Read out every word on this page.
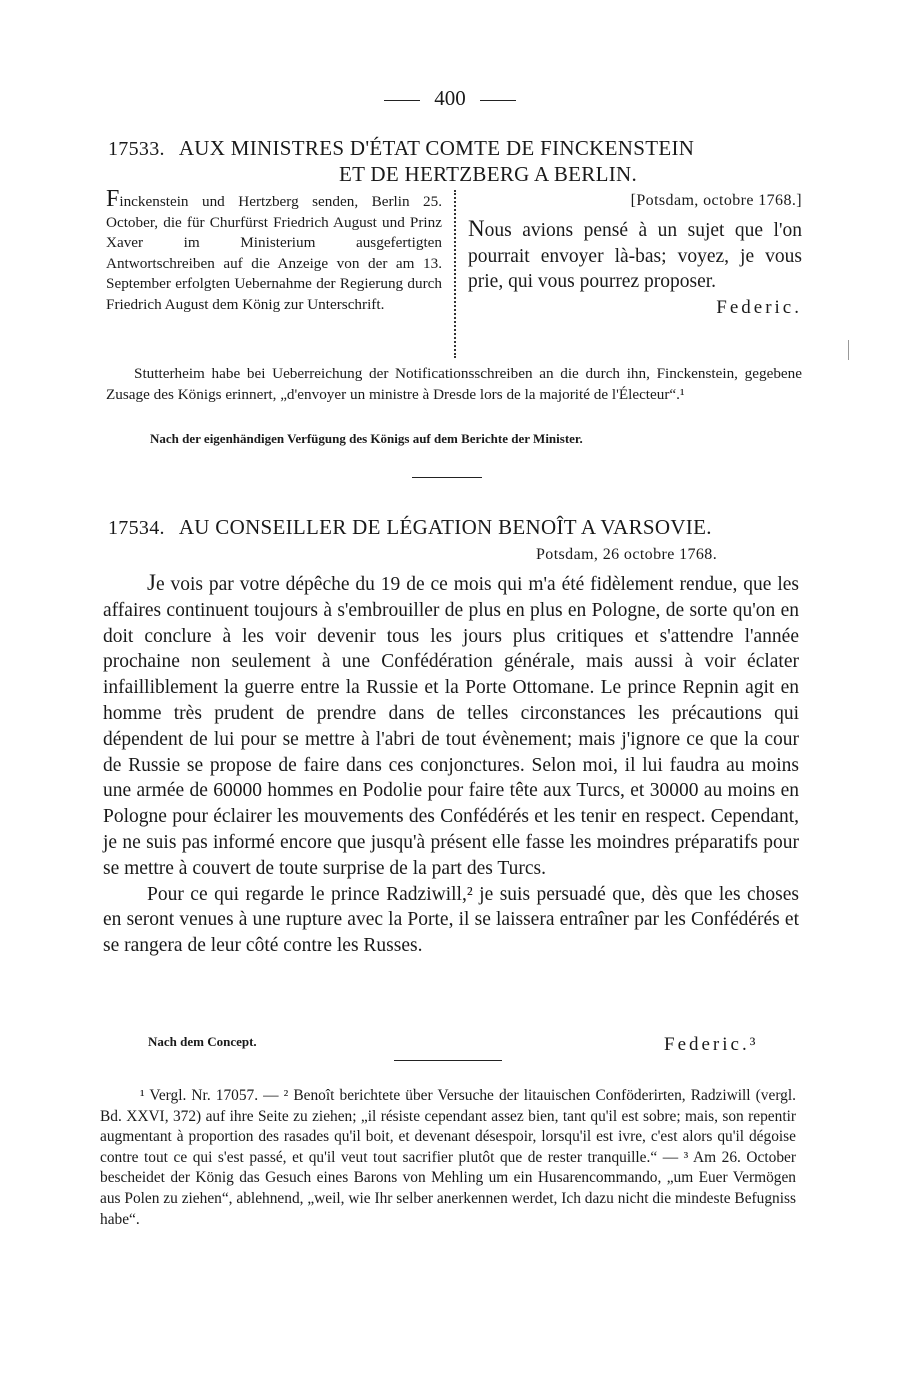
400
17533. AUX MINISTRES D'ÉTAT COMTE DE FINCKENSTEIN
ET DE HERTZBERG A BERLIN.
Finckenstein und Hertzberg senden, Berlin 25. October, die für Churfürst Friedrich August und Prinz Xaver im Ministerium ausgefertigten Antwortschreiben auf die Anzeige von der am 13. September erfolgten Uebernahme der Regierung durch Friedrich August dem König zur Unterschrift.
[Potsdam, octobre 1768.]
Nous avions pensé à un sujet que l'on pourrait envoyer là-bas; voyez, je vous prie, qui vous pourrez proposer.
Federic.
Stutterheim habe bei Ueberreichung der Notificationsschreiben an die durch ihn, Finckenstein, gegebene Zusage des Königs erinnert, „d'envoyer un ministre à Dresde lors de la majorité de l'Électeur“.¹
Nach der eigenhändigen Verfügung des Königs auf dem Berichte der Minister.
17534. AU CONSEILLER DE LÉGATION BENOÎT A VARSOVIE.
Potsdam, 26 octobre 1768.

Je vois par votre dépêche du 19 de ce mois qui m'a été fidèlement rendue, que les affaires continuent toujours à s'embrouiller de plus en plus en Pologne, de sorte qu'on en doit conclure à les voir devenir tous les jours plus critiques et s'attendre l'année prochaine non seulement à une Confédération générale, mais aussi à voir éclater infailliblement la guerre entre la Russie et la Porte Ottomane. Le prince Repnin agit en homme très prudent de prendre dans de telles circonstances les précautions qui dépendent de lui pour se mettre à l'abri de tout évènement; mais j'ignore ce que la cour de Russie se propose de faire dans ces conjonctures. Selon moi, il lui faudra au moins une armée de 60000 hommes en Podolie pour faire tête aux Turcs, et 30000 au moins en Pologne pour éclairer les mouvements des Confédérés et les tenir en respect. Cependant, je ne suis pas informé encore que jusqu'à présent elle fasse les moindres préparatifs pour se mettre à couvert de toute surprise de la part des Turcs.

Pour ce qui regarde le prince Radziwill,² je suis persuadé que, dès que les choses en seront venues à une rupture avec la Porte, il se laissera entraîner par les Confédérés et se rangera de leur côté contre les Russes.

Nach dem Concept.	Federic.³
¹ Vergl. Nr. 17057. — ² Benoît berichtete über Versuche der litauischen Conföderirten, Radziwill (vergl. Bd. XXVI, 372) auf ihre Seite zu ziehen; „il résiste cependant assez bien, tant qu'il est sobre; mais, son repentir augmentant à proportion des rasades qu'il boit, et devenant désespoir, lorsqu'il est ivre, c'est alors qu'il dégoise contre tout ce qui s'est passé, et qu'il veut tout sacrifier plutôt que de rester tranquille.“ — ³ Am 26. October bescheidet der König das Gesuch eines Barons von Mehling um ein Husarencommando, „um Euer Vermögen aus Polen zu ziehen“, ablehnend, „weil, wie Ihr selber anerkennen werdet, Ich dazu nicht die mindeste Befugniss habe“.
